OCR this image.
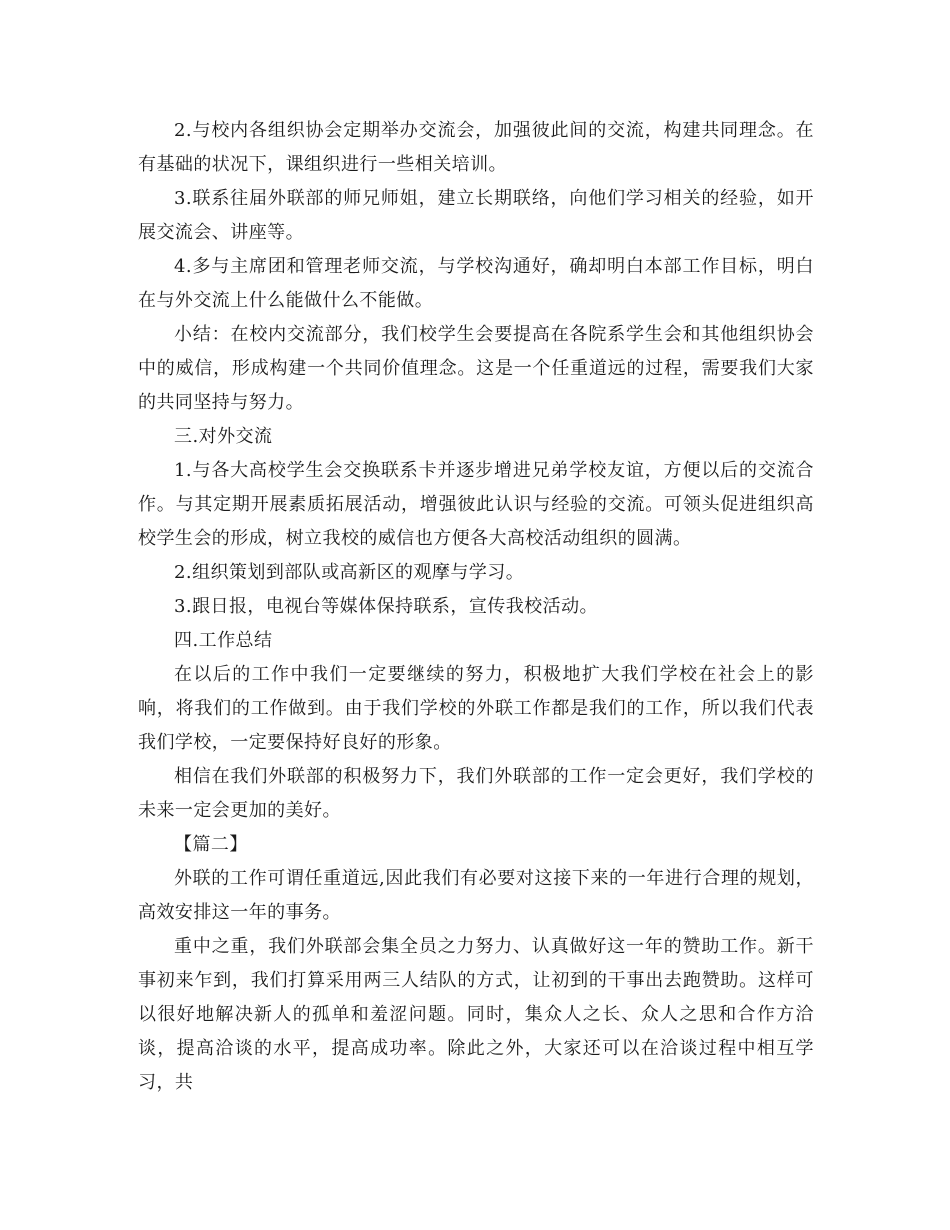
2.与校内各组织协会定期举办交流会，加强彼此间的交流，构建共同理念。在有基础的状况下，课组织进行一些相关培训。

3.联系往届外联部的师兄师姐，建立长期联络，向他们学习相关的经验，如开展交流会、讲座等。

4.多与主席团和管理老师交流，与学校沟通好，确却明白本部工作目标，明白在与外交流上什么能做什么不能做。

小结：在校内交流部分，我们校学生会要提高在各院系学生会和其他组织协会中的威信，形成构建一个共同价值理念。这是一个任重道远的过程，需要我们大家的共同坚持与努力。

三.对外交流

1.与各大高校学生会交换联系卡并逐步增进兄弟学校友谊，方便以后的交流合作。与其定期开展素质拓展活动，增强彼此认识与经验的交流。可领头促进组织高校学生会的形成，树立我校的威信也方便各大高校活动组织的圆满。

2.组织策划到部队或高新区的观摩与学习。

3.跟日报，电视台等媒体保持联系，宣传我校活动。

四.工作总结

在以后的工作中我们一定要继续的努力，积极地扩大我们学校在社会上的影响，将我们的工作做到。由于我们学校的外联工作都是我们的工作，所以我们代表我们学校，一定要保持好良好的形象。

相信在我们外联部的积极努力下，我们外联部的工作一定会更好，我们学校的未来一定会更加的美好。

【篇二】

外联的工作可谓任重道远,因此我们有必要对这接下来的一年进行合理的规划，高效安排这一年的事务。

重中之重，我们外联部会集全员之力努力、认真做好这一年的赞助工作。新干事初来乍到，我们打算采用两三人结队的方式，让初到的干事出去跑赞助。这样可以很好地解决新人的孤单和羞涩问题。同时，集众人之长、众人之思和合作方洽谈，提高洽谈的水平，提高成功率。除此之外，大家还可以在洽谈过程中相互学习，共
